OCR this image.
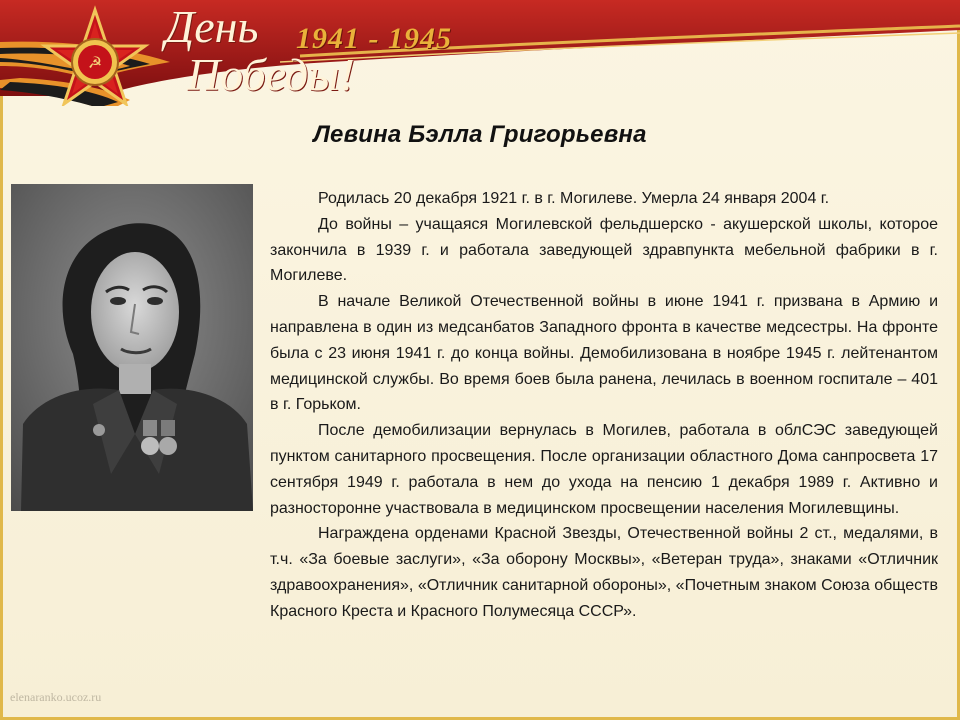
☭
День
Победы!
1941 - 1945
Левина Бэлла Григорьевна

Родилась 20 декабря 1921 г. в г. Могилеве. Умерла 24 января 2004 г.

До войны – учащаяся Могилевской фельдшерско - акушерской школы, которое закончила в 1939 г. и работала заведующей здравпункта мебельной фабрики в г. Могилеве.

В начале Великой Отечественной войны в июне 1941 г. призвана в Армию и направлена в один из медсанбатов Западного фронта в качестве медсестры. На фронте была с 23 июня 1941 г. до конца войны. Демобилизована в ноябре 1945 г. лейтенантом медицинской службы. Во время боев была ранена, лечилась в военном госпитале – 401 в г. Горьком.

После демобилизации вернулась в Могилев, работала в облСЭС заведующей пунктом санитарного просвещения. После организации областного Дома санпросвета 17 сентября 1949 г. работала в нем до ухода на пенсию 1 декабря 1989 г. Активно и разносторонне участвовала в медицинском просвещении населения Могилевщины.

Награждена орденами Красной Звезды, Отечественной войны 2 ст., медалями, в т.ч. «За боевые заслуги», «За оборону Москвы», «Ветеран труда», знаками «Отличник здравоохранения», «Отличник санитарной обороны», «Почетным знаком Союза обществ Красного Креста и Красного Полумесяца СССР».

elenaranko.ucoz.ru
